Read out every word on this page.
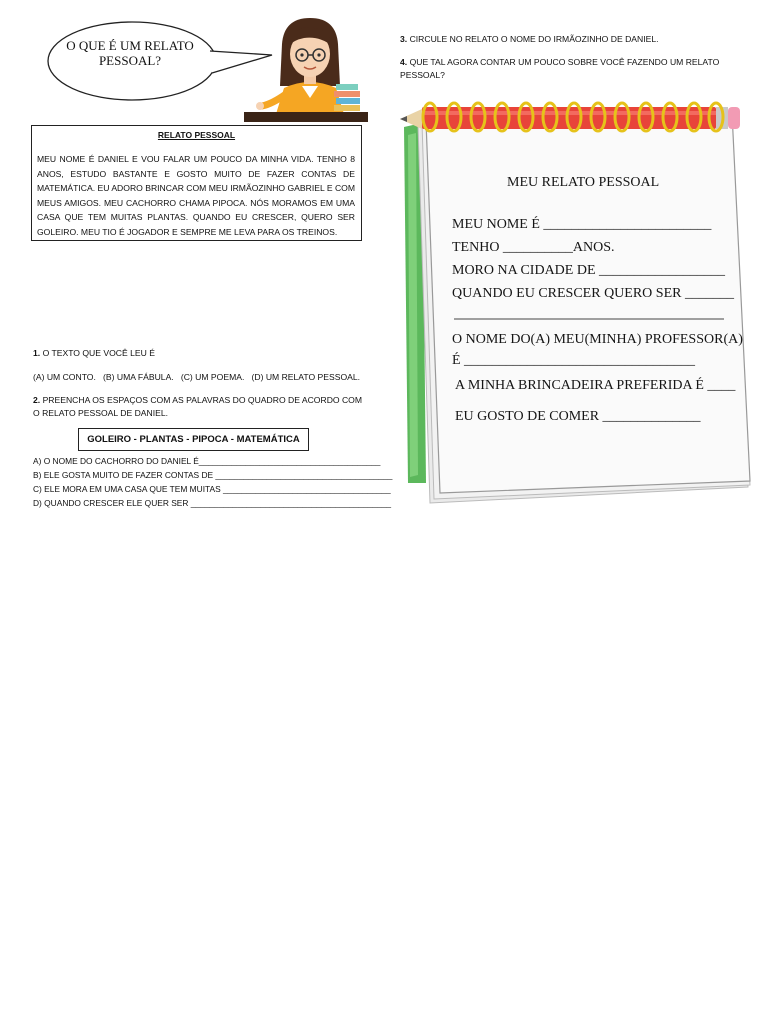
O QUE É UM RELATO PESSOAL?
RELATO PESSOAL
MEU NOME É DANIEL E VOU FALAR UM POUCO DA MINHA VIDA. TENHO 8 ANOS, ESTUDO BASTANTE E GOSTO MUITO DE FAZER CONTAS DE MATEMÁTICA. EU ADORO BRINCAR COM MEU IRMÃOZINHO GABRIEL E COM MEUS AMIGOS. MEU CACHORRO CHAMA PIPOCA. NÓS MORAMOS EM UMA CASA QUE TEM MUITAS PLANTAS. QUANDO EU CRESCER, QUERO SER GOLEIRO. MEU TIO É JOGADOR E SEMPRE ME LEVA PARA OS TREINOS.
1. O TEXTO QUE VOCÊ LEU É
(A) UM CONTO.   (B) UMA FÁBULA.   (C) UM POEMA.   (D) UM RELATO PESSOAL.
2. PREENCHA OS ESPAÇOS COM AS PALAVRAS DO QUADRO DE ACORDO COM O RELATO PESSOAL DE DANIEL.
GOLEIRO - PLANTAS - PIPOCA - MATEMÁTICA
A) O NOME DO CACHORRO DO DANIEL É_______________________________________
B) ELE GOSTA MUITO DE FAZER CONTAS DE ______________________________________
C) ELE MORA EM UMA CASA QUE TEM MUITAS ____________________________________
D) QUANDO CRESCER ELE QUER SER ___________________________________________
3. CIRCULE NO RELATO O NOME DO IRMÃOZINHO DE DANIEL.
4. QUE TAL AGORA CONTAR UM POUCO SOBRE VOCÊ FAZENDO UM RELATO PESSOAL?
MEU RELATO PESSOAL
MEU NOME É ________________________
TENHO __________ANOS.
MORO NA CIDADE DE __________________
QUANDO EU CRESCER QUERO SER _______
O NOME DO(A) MEU(MINHA) PROFESSOR(A)
É _________________________________
A MINHA BRINCADEIRA PREFERIDA É ____
EU GOSTO DE COMER ______________
